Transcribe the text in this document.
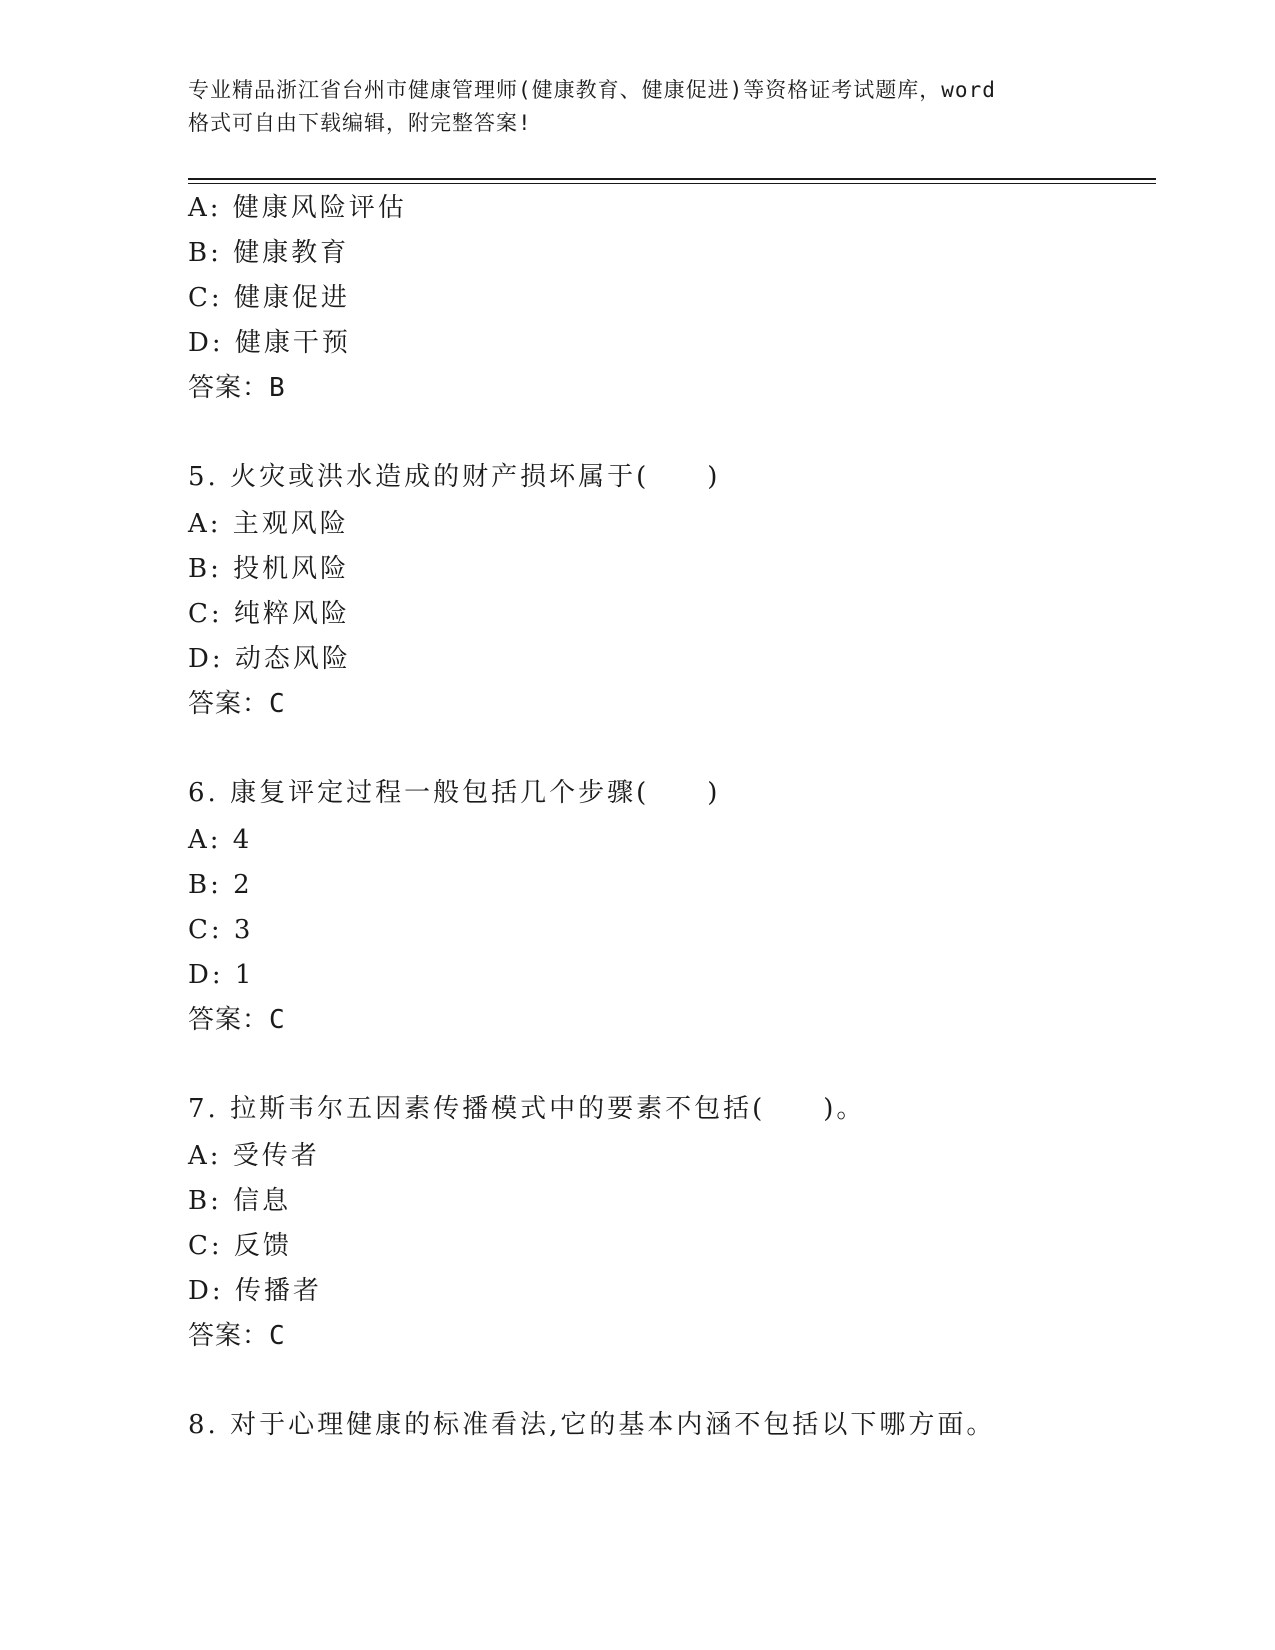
专业精品浙江省台州市健康管理师(健康教育、健康促进)等资格证考试题库，word
格式可自由下载编辑，附完整答案!
A: 健康风险评估
B: 健康教育
C: 健康促进
D: 健康干预
答案：B
5. 火灾或洪水造成的财产损坏属于(　　)
A: 主观风险
B: 投机风险
C: 纯粹风险
D: 动态风险
答案：C
6. 康复评定过程一般包括几个步骤(　　)
A: 4
B: 2
C: 3
D: 1
答案：C
7. 拉斯韦尔五因素传播模式中的要素不包括(　　)。
A: 受传者
B: 信息
C: 反馈
D: 传播者
答案：C
8. 对于心理健康的标准看法,它的基本内涵不包括以下哪方面。
